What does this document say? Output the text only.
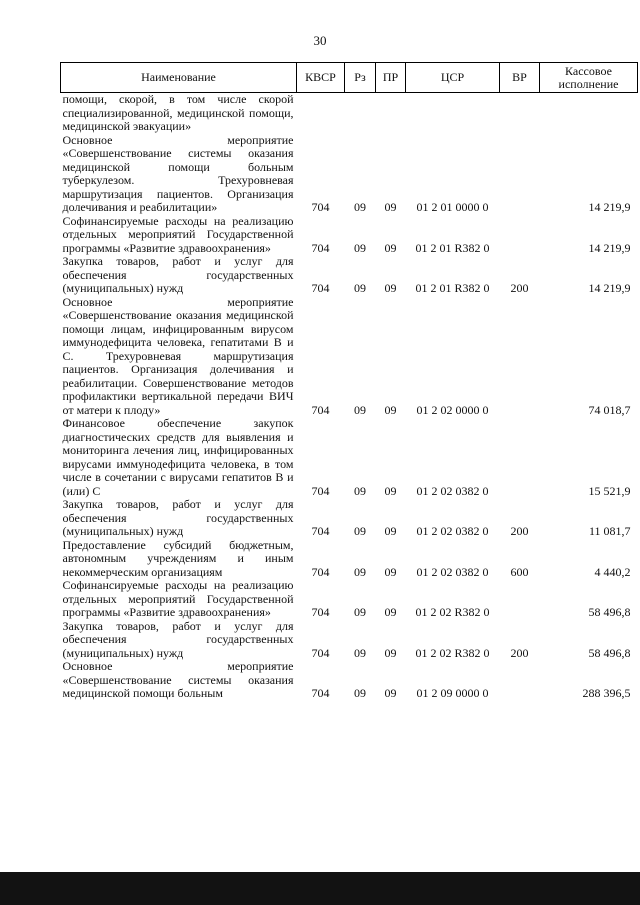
30
Наименование	КВСР	Рз	ПР	ЦСР	ВР	Кассовое исполнение
помощи, скорой, в том числе скорой специализированной, медицинской помощи, медицинской эвакуации»						
Основное мероприятие «Совершенствование системы оказания медицинской помощи больным туберкулезом. Трехуровневая маршрутизация пациентов. Организация долечивания и реабилитации»	704	09	09	01 2 01 0000 0		14 219,9
Софинансируемые расходы на реализацию отдельных мероприятий Государственной программы «Развитие здравоохранения»	704	09	09	01 2 01 R382 0		14 219,9
Закупка товаров, работ и услуг для обеспечения государственных (муниципальных) нужд	704	09	09	01 2 01 R382 0	200	14 219,9
Основное мероприятие «Совершенствование оказания медицинской помощи лицам, инфицированным вирусом иммунодефицита человека, гепатитами В и С. Трехуровневая маршрутизация пациентов. Организация долечивания и реабилитации. Совершенствование методов профилактики вертикальной передачи ВИЧ от матери к плоду»	704	09	09	01 2 02 0000 0		74 018,7
Финансовое обеспечение закупок диагностических средств для выявления и мониторинга лечения лиц, инфицированных вирусами иммунодефицита человека, в том числе в сочетании с вирусами гепатитов В и (или) С	704	09	09	01 2 02 0382 0		15 521,9
Закупка товаров, работ и услуг для обеспечения государственных (муниципальных) нужд	704	09	09	01 2 02 0382 0	200	11 081,7
Предоставление субсидий бюджетным, автономным учреждениям и иным некоммерческим организациям	704	09	09	01 2 02 0382 0	600	4 440,2
Софинансируемые расходы на реализацию отдельных мероприятий Государственной программы «Развитие здравоохранения»	704	09	09	01 2 02 R382 0		58 496,8
Закупка товаров, работ и услуг для обеспечения государственных (муниципальных) нужд	704	09	09	01 2 02 R382 0	200	58 496,8
Основное мероприятие «Совершенствование системы оказания медицинской помощи больным	704	09	09	01 2 09 0000 0		288 396,5
